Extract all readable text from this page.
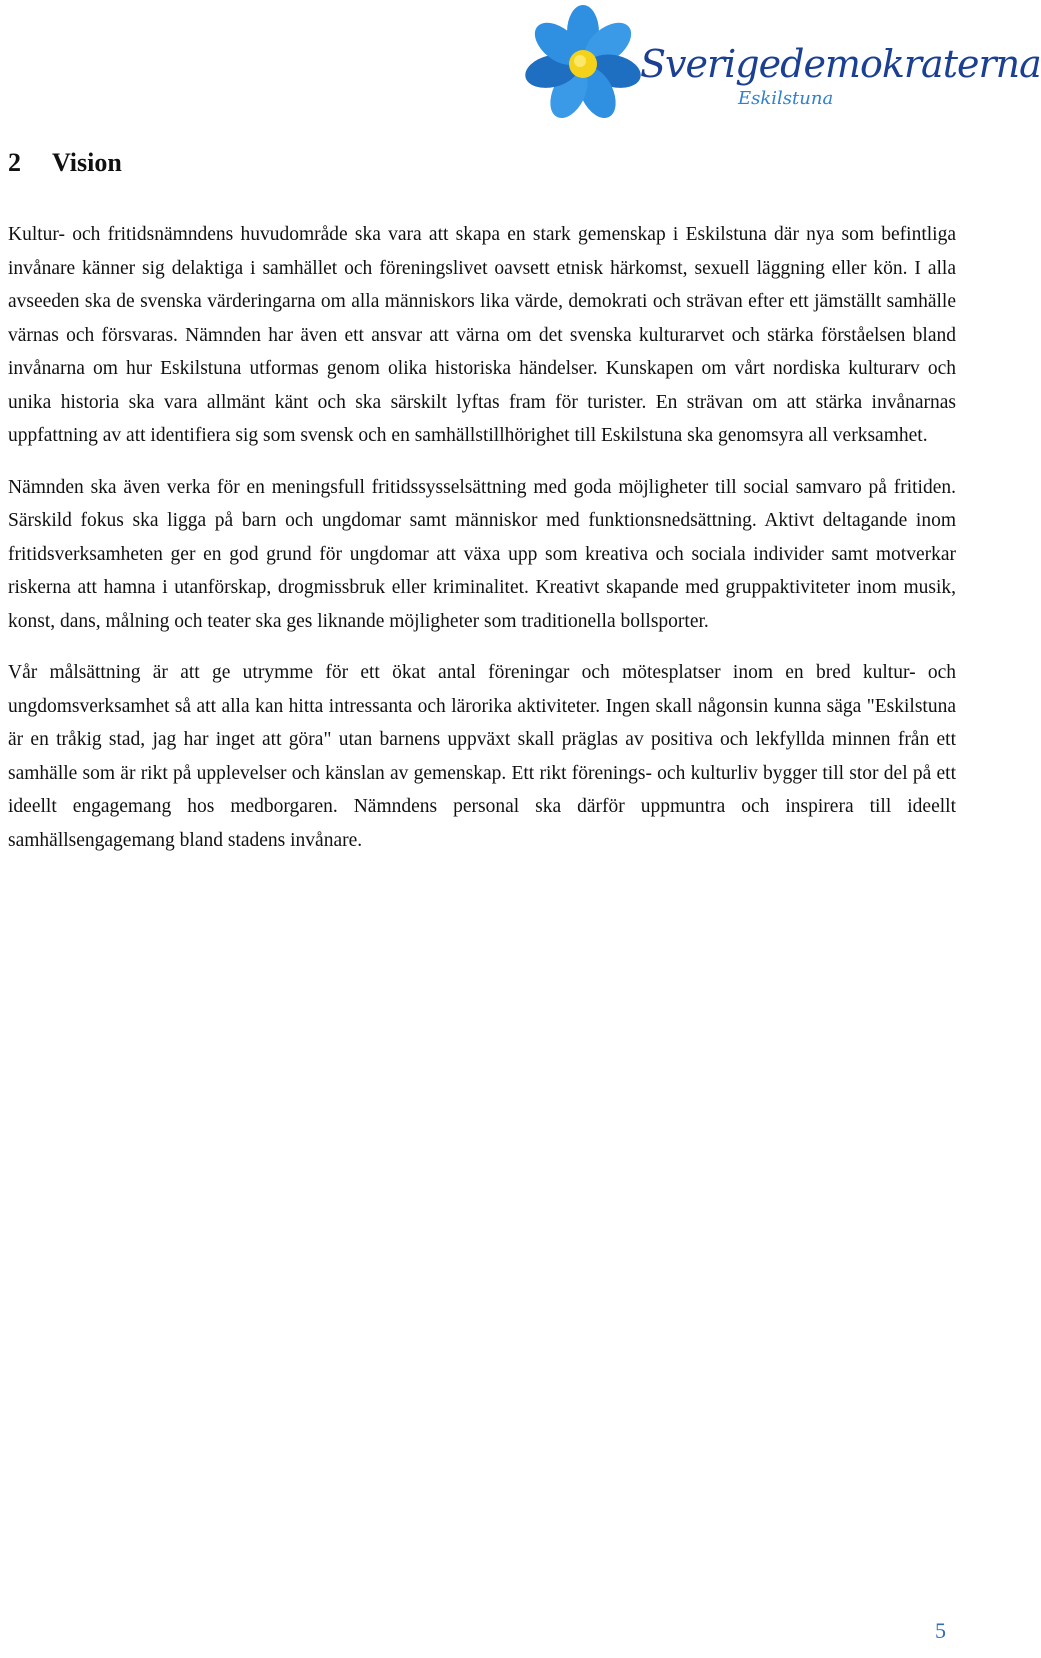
Sverigedemokraterna
Eskilstuna
2 Vision

Kultur- och fritidsnämndens huvudområde ska vara att skapa en stark gemenskap i Eskilstuna där nya som befintliga invånare känner sig delaktiga i samhället och föreningslivet oavsett etnisk härkomst, sexuell läggning eller kön. I alla avseeden ska de svenska värderingarna om alla människors lika värde, demokrati och strävan efter ett jämställt samhälle värnas och försvaras. Nämnden har även ett ansvar att värna om det svenska kulturarvet och stärka förståelsen bland invånarna om hur Eskilstuna utformas genom olika historiska händelser. Kunskapen om vårt nordiska kulturarv och unika historia ska vara allmänt känt och ska särskilt lyftas fram för turister. En strävan om att stärka invånarnas uppfattning av att identifiera sig som svensk och en samhällstillhörighet till Eskilstuna ska genomsyra all verksamhet.

Nämnden ska även verka för en meningsfull fritidssysselsättning med goda möjligheter till social samvaro på fritiden. Särskild fokus ska ligga på barn och ungdomar samt människor med funktionsnedsättning. Aktivt deltagande inom fritidsverksamheten ger en god grund för ungdomar att växa upp som kreativa och sociala individer samt motverkar riskerna att hamna i utanförskap, drogmissbruk eller kriminalitet. Kreativt skapande med gruppaktiviteter inom musik, konst, dans, målning och teater ska ges liknande möjligheter som traditionella bollsporter.

Vår målsättning är att ge utrymme för ett ökat antal föreningar och mötesplatser inom en bred kultur- och ungdomsverksamhet så att alla kan hitta intressanta och lärorika aktiviteter. Ingen skall någonsin kunna säga "Eskilstuna är en tråkig stad, jag har inget att göra" utan barnens uppväxt skall präglas av positiva och lekfyllda minnen från ett samhälle som är rikt på upplevelser och känslan av gemenskap. Ett rikt förenings- och kulturliv bygger till stor del på ett ideellt engagemang hos medborgaren. Nämndens personal ska därför uppmuntra och inspirera till ideellt samhällsengagemang bland stadens invånare.

5
